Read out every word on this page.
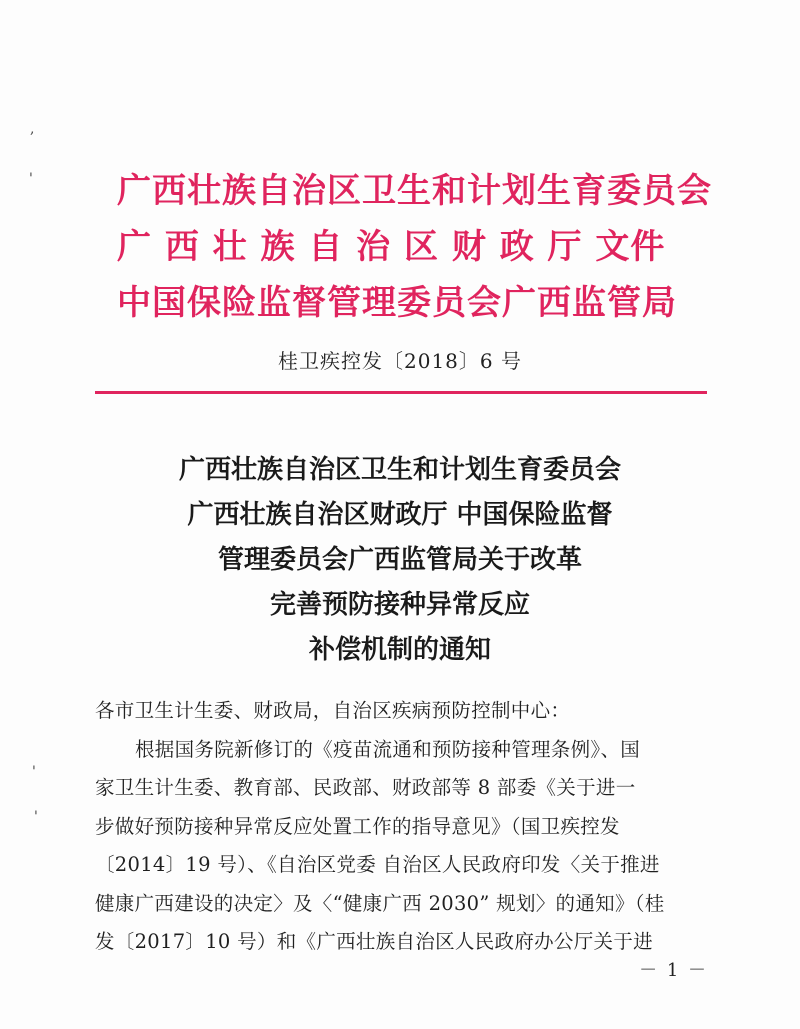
,
'
'
'
广西壮族自治区卫生和计划生育委员会
广 西 壮 族 自 治 区 财 政 厅 文件
中国保险监督管理委员会广西监管局
桂卫疾控发〔2018〕6 号
广西壮族自治区卫生和计划生育委员会
广西壮族自治区财政厅 中国保险监督
管理委员会广西监管局关于改革
完善预防接种异常反应
补偿机制的通知
各市卫生计生委、财政局，自治区疾病预防控制中心：
根据国务院新修订的《疫苗流通和预防接种管理条例》、国
家卫生计生委、教育部、民政部、财政部等 8 部委《关于进一
步做好预防接种异常反应处置工作的指导意见》（国卫疾控发
〔2014〕19 号）、《自治区党委 自治区人民政府印发〈关于推进
健康广西建设的决定〉及〈“健康广西 2030” 规划〉的通知》（桂
发〔2017〕10 号）和《广西壮族自治区人民政府办公厅关于进
－ 1 －
